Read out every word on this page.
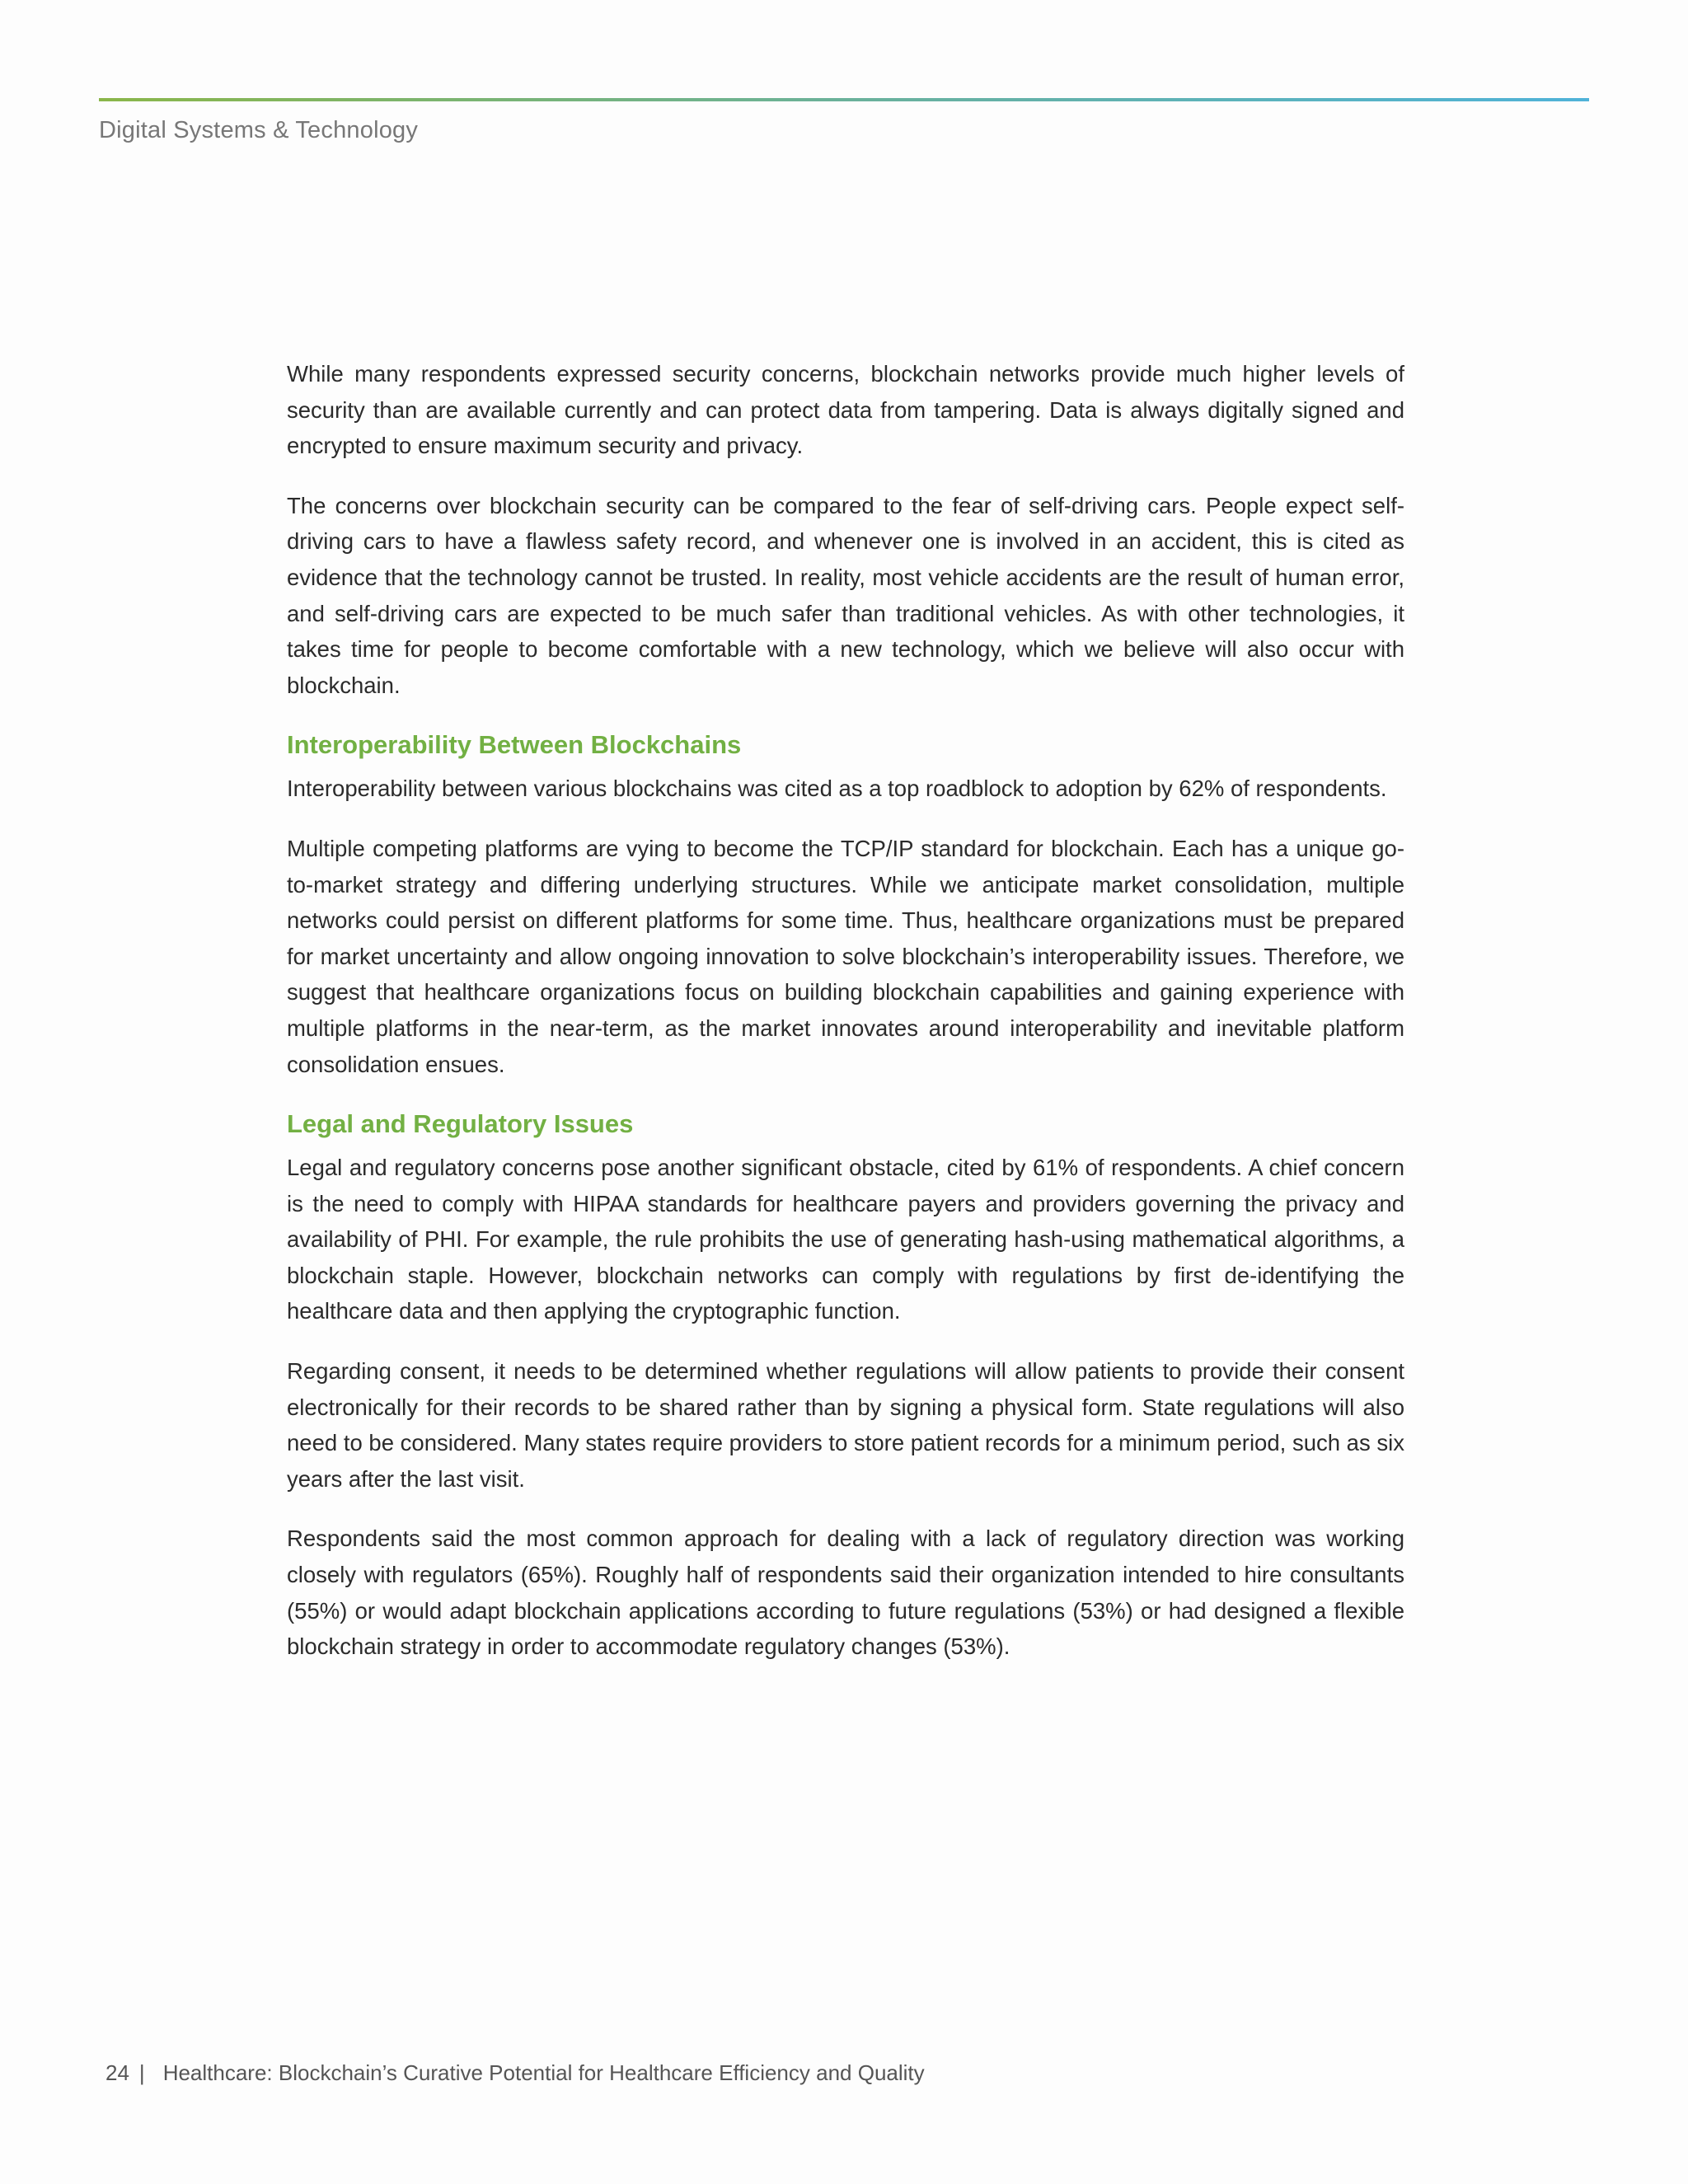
Digital Systems & Technology

While many respondents expressed security concerns, blockchain networks provide much higher levels of security than are available currently and can protect data from tampering. Data is always digitally signed and encrypted to ensure maximum security and privacy.

The concerns over blockchain security can be compared to the fear of self-driving cars. People expect self-driving cars to have a flawless safety record, and whenever one is involved in an accident, this is cited as evidence that the technology cannot be trusted. In reality, most vehicle accidents are the result of human error, and self-driving cars are expected to be much safer than traditional vehicles. As with other technologies, it takes time for people to become comfortable with a new technology, which we believe will also occur with blockchain.

Interoperability Between Blockchains

Interoperability between various blockchains was cited as a top roadblock to adoption by 62% of respondents.

Multiple competing platforms are vying to become the TCP/IP standard for blockchain. Each has a unique go-to-market strategy and differing underlying structures. While we anticipate market consolidation, multiple networks could persist on different platforms for some time. Thus, healthcare organizations must be prepared for market uncertainty and allow ongoing innovation to solve blockchain’s interoperability issues. Therefore, we suggest that healthcare organizations focus on building blockchain capabilities and gaining experience with multiple platforms in the near-term, as the market innovates around interoperability and inevitable platform consolidation ensues.

Legal and Regulatory Issues

Legal and regulatory concerns pose another significant obstacle, cited by 61% of respondents. A chief concern is the need to comply with HIPAA standards for healthcare payers and providers governing the privacy and availability of PHI. For example, the rule prohibits the use of generating hash-using mathematical algorithms, a blockchain staple. However, blockchain networks can comply with regulations by first de-identifying the healthcare data and then applying the cryptographic function.

Regarding consent, it needs to be determined whether regulations will allow patients to provide their consent electronically for their records to be shared rather than by signing a physical form. State regulations will also need to be considered. Many states require providers to store patient records for a minimum period, such as six years after the last visit.

Respondents said the most common approach for dealing with a lack of regulatory direction was working closely with regulators (65%). Roughly half of respondents said their organization intended to hire consultants (55%) or would adapt blockchain applications according to future regulations (53%) or had designed a flexible blockchain strategy in order to accommodate regulatory changes (53%).

24 | Healthcare: Blockchain’s Curative Potential for Healthcare Efficiency and Quality
